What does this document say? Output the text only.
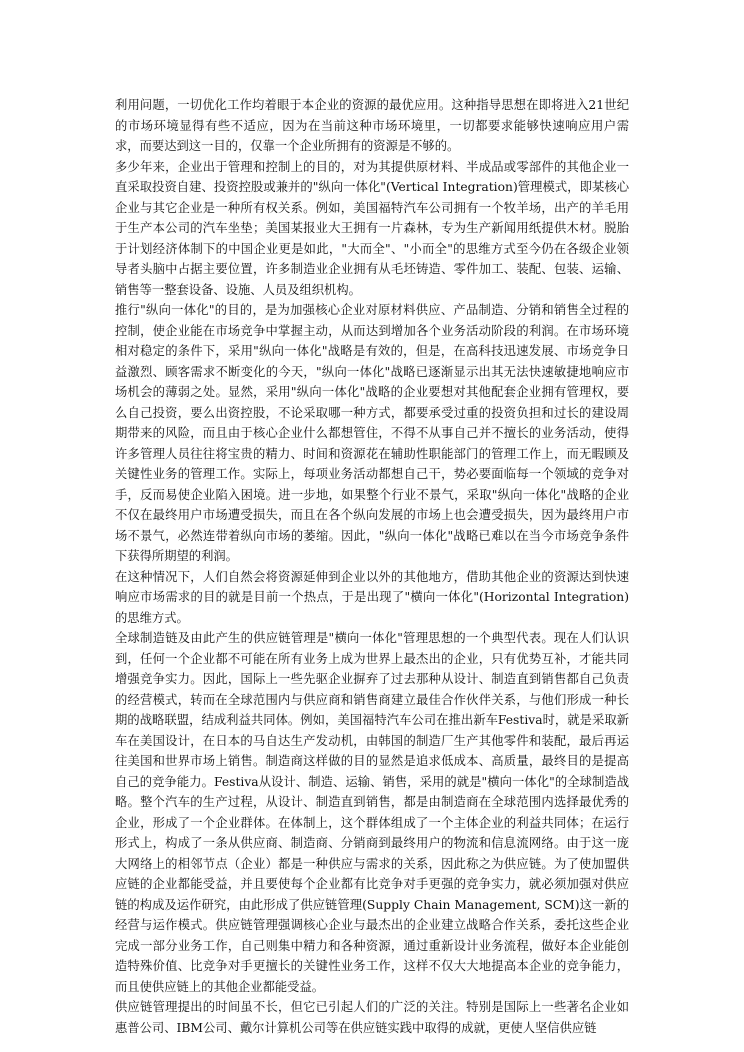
利用问题，一切优化工作均着眼于本企业的资源的最优应用。这种指导思想在即将进入21世纪的市场环境显得有些不适应，因为在当前这种市场环境里，一切都要求能够快速响应用户需求，而要达到这一目的，仅靠一个企业所拥有的资源是不够的。

多少年来，企业出于管理和控制上的目的，对为其提供原材料、半成品或零部件的其他企业一直采取投资自建、投资控股或兼并的"纵向一体化"(Vertical Integration)管理模式，即某核心企业与其它企业是一种所有权关系。例如，美国福特汽车公司拥有一个牧羊场，出产的羊毛用于生产本公司的汽车坐垫；美国某报业大王拥有一片森林，专为生产新闻用纸提供木材。脱胎于计划经济体制下的中国企业更是如此，"大而全"、"小而全"的思维方式至今仍在各级企业领导者头脑中占据主要位置，许多制造业企业拥有从毛坯铸造、零件加工、装配、包装、运输、销售等一整套设备、设施、人员及组织机构。

推行"纵向一体化"的目的，是为加强核心企业对原材料供应、产品制造、分销和销售全过程的控制，使企业能在市场竞争中掌握主动，从而达到增加各个业务活动阶段的利润。在市场环境相对稳定的条件下，采用"纵向一体化"战略是有效的，但是，在高科技迅速发展、市场竞争日益激烈、顾客需求不断变化的今天，"纵向一体化"战略已逐渐显示出其无法快速敏捷地响应市场机会的薄弱之处。显然，采用"纵向一体化"战略的企业要想对其他配套企业拥有管理权，要么自己投资，要么出资控股，不论采取哪一种方式，都要承受过重的投资负担和过长的建设周期带来的风险，而且由于核心企业什么都想管住，不得不从事自己并不擅长的业务活动，使得许多管理人员往往将宝贵的精力、时间和资源花在辅助性职能部门的管理工作上，而无暇顾及关键性业务的管理工作。实际上，每项业务活动都想自己干，势必要面临每一个领域的竞争对手，反而易使企业陷入困境。进一步地，如果整个行业不景气，采取"纵向一体化"战略的企业不仅在最终用户市场遭受损失，而且在各个纵向发展的市场上也会遭受损失，因为最终用户市场不景气，必然连带着纵向市场的萎缩。因此，"纵向一体化"战略已难以在当今市场竞争条件下获得所期望的利润。

在这种情况下，人们自然会将资源延伸到企业以外的其他地方，借助其他企业的资源达到快速响应市场需求的目的就是目前一个热点，于是出现了"横向一体化"(Horizontal Integration)的思维方式。

全球制造链及由此产生的供应链管理是"横向一体化"管理思想的一个典型代表。现在人们认识到，任何一个企业都不可能在所有业务上成为世界上最杰出的企业，只有优势互补，才能共同增强竞争实力。因此，国际上一些先驱企业摒弃了过去那种从设计、制造直到销售都自己负责的经营模式，转而在全球范围内与供应商和销售商建立最佳合作伙伴关系，与他们形成一种长期的战略联盟，结成利益共同体。例如，美国福特汽车公司在推出新车Festiva时，就是采取新车在美国设计，在日本的马自达生产发动机，由韩国的制造厂生产其他零件和装配，最后再运往美国和世界市场上销售。制造商这样做的目的显然是追求低成本、高质量，最终目的是提高自己的竞争能力。Festiva从设计、制造、运输、销售，采用的就是"横向一体化"的全球制造战略。整个汽车的生产过程，从设计、制造直到销售，都是由制造商在全球范围内选择最优秀的企业，形成了一个企业群体。在体制上，这个群体组成了一个主体企业的利益共同体；在运行形式上，构成了一条从供应商、制造商、分销商到最终用户的物流和信息流网络。由于这一庞大网络上的相邻节点（企业）都是一种供应与需求的关系，因此称之为供应链。为了使加盟供应链的企业都能受益，并且要使每个企业都有比竞争对手更强的竞争实力，就必须加强对供应链的构成及运作研究，由此形成了供应链管理(Supply Chain Management, SCM)这一新的经营与运作模式。供应链管理强调核心企业与最杰出的企业建立战略合作关系，委托这些企业完成一部分业务工作，自己则集中精力和各种资源，通过重新设计业务流程，做好本企业能创造特殊价值、比竞争对手更擅长的关键性业务工作，这样不仅大大地提高本企业的竞争能力，而且使供应链上的其他企业都能受益。

供应链管理提出的时间虽不长，但它已引起人们的广泛的关注。特别是国际上一些著名企业如惠普公司、IBM公司、戴尔计算机公司等在供应链实践中取得的成就，更使人坚信供应链
